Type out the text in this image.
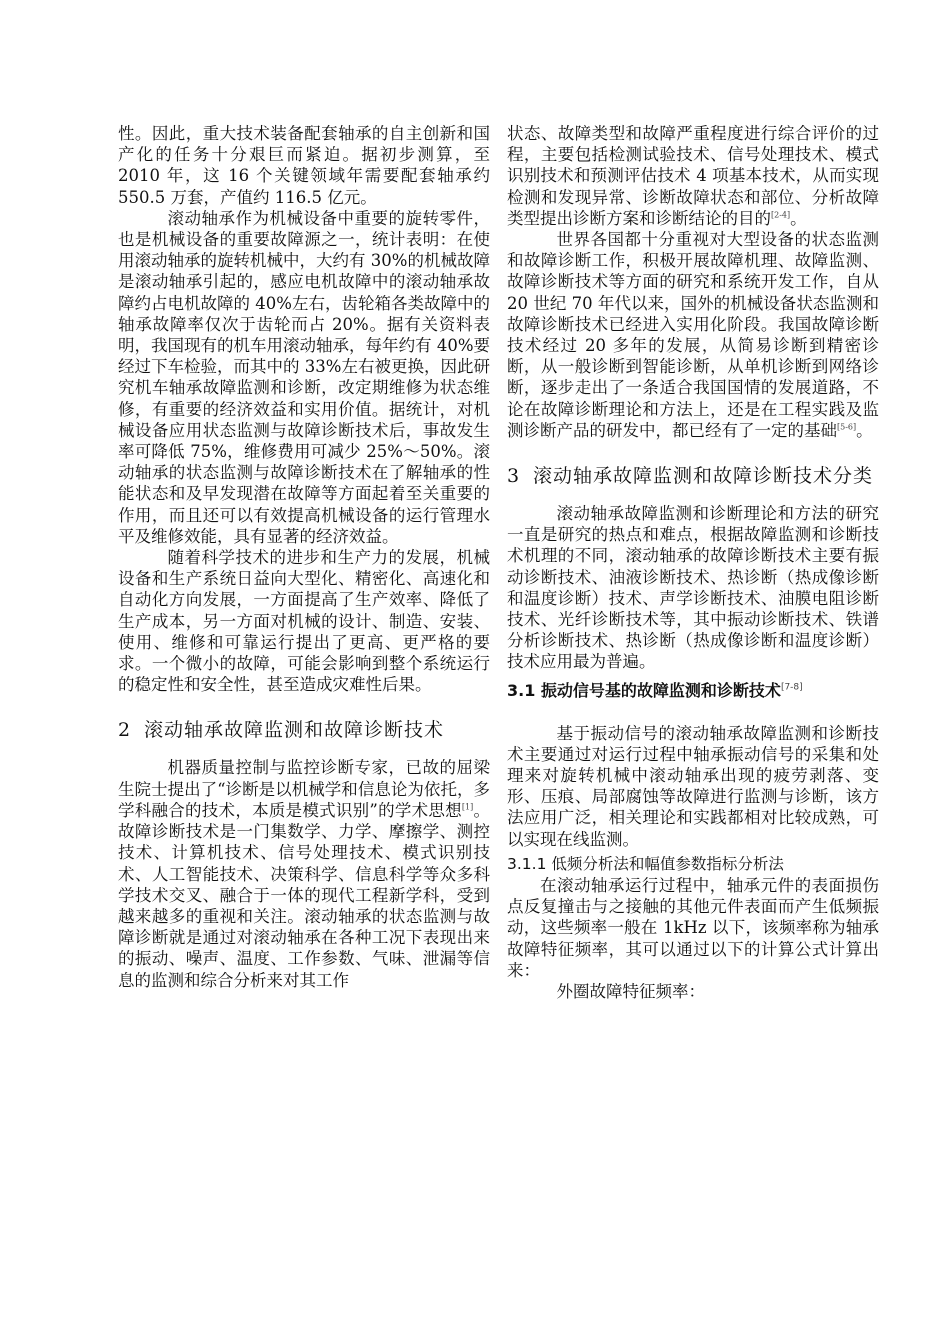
性。因此，重大技术装备配套轴承的自主创新和国产化的任务十分艰巨而紧迫。据初步测算，至 2010 年，这 16 个关键领域年需要配套轴承约 550.5 万套，产值约 116.5 亿元。

滚动轴承作为机械设备中重要的旋转零件，也是机械设备的重要故障源之一，统计表明：在使用滚动轴承的旋转机械中，大约有 30%的机械故障是滚动轴承引起的，感应电机故障中的滚动轴承故障约占电机故障的 40%左右，齿轮箱各类故障中的轴承故障率仅次于齿轮而占 20%。据有关资料表明，我国现有的机车用滚动轴承，每年约有 40%要经过下车检验，而其中的 33%左右被更换，因此研究机车轴承故障监测和诊断，改定期维修为状态维修，有重要的经济效益和实用价值。据统计，对机械设备应用状态监测与故障诊断技术后，事故发生率可降低 75%，维修费用可减少 25%～50%。滚动轴承的状态监测与故障诊断技术在了解轴承的性能状态和及早发现潜在故障等方面起着至关重要的作用，而且还可以有效提高机械设备的运行管理水平及维修效能，具有显著的经济效益。

随着科学技术的进步和生产力的发展，机械设备和生产系统日益向大型化、精密化、高速化和自动化方向发展，一方面提高了生产效率、降低了生产成本，另一方面对机械的设计、制造、安装、使用、维修和可靠运行提出了更高、更严格的要求。一个微小的故障，可能会影响到整个系统运行的稳定性和安全性，甚至造成灾难性后果。

2 滚动轴承故障监测和故障诊断技术

机器质量控制与监控诊断专家，已故的屈梁生院士提出了“诊断是以机械学和信息论为依托，多学科融合的技术，本质是模式识别”的学术思想[1]。故障诊断技术是一门集数学、力学、摩擦学、测控技术、计算机技术、信号处理技术、模式识别技术、人工智能技术、决策科学、信息科学等众多科学技术交叉、融合于一体的现代工程新学科，受到越来越多的重视和关注。滚动轴承的状态监测与故障诊断就是通过对滚动轴承在各种工况下表现出来的振动、噪声、温度、工作参数、气味、泄漏等信息的监测和综合分析来对其工作

状态、故障类型和故障严重程度进行综合评价的过程，主要包括检测试验技术、信号处理技术、模式识别技术和预测评估技术 4 项基本技术，从而实现检测和发现异常、诊断故障状态和部位、分析故障类型提出诊断方案和诊断结论的目的[2-4]。

世界各国都十分重视对大型设备的状态监测和故障诊断工作，积极开展故障机理、故障监测、故障诊断技术等方面的研究和系统开发工作，自从 20 世纪 70 年代以来，国外的机械设备状态监测和故障诊断技术已经进入实用化阶段。我国故障诊断技术经过 20 多年的发展，从简易诊断到精密诊断，从一般诊断到智能诊断，从单机诊断到网络诊断，逐步走出了一条适合我国国情的发展道路，不论在故障诊断理论和方法上，还是在工程实践及监测诊断产品的研发中，都已经有了一定的基础[5-6]。

3 滚动轴承故障监测和故障诊断技术分类

滚动轴承故障监测和诊断理论和方法的研究一直是研究的热点和难点，根据故障监测和诊断技术机理的不同，滚动轴承的故障诊断技术主要有振动诊断技术、油液诊断技术、热诊断（热成像诊断和温度诊断）技术、声学诊断技术、油膜电阻诊断技术、光纤诊断技术等，其中振动诊断技术、铁谱分析诊断技术、热诊断（热成像诊断和温度诊断）技术应用最为普遍。

3.1 振动信号基的故障监测和诊断技术[7-8]

基于振动信号的滚动轴承故障监测和诊断技术主要通过对运行过程中轴承振动信号的采集和处理来对旋转机械中滚动轴承出现的疲劳剥落、变形、压痕、局部腐蚀等故障进行监测与诊断，该方法应用广泛，相关理论和实践都相对比较成熟，可以实现在线监测。

3.1.1 低频分析法和幅值参数指标分析法

在滚动轴承运行过程中，轴承元件的表面损伤点反复撞击与之接触的其他元件表面而产生低频振动，这些频率一般在 1kHz 以下，该频率称为轴承故障特征频率，其可以通过以下的计算公式计算出来：

外圈故障特征频率：
